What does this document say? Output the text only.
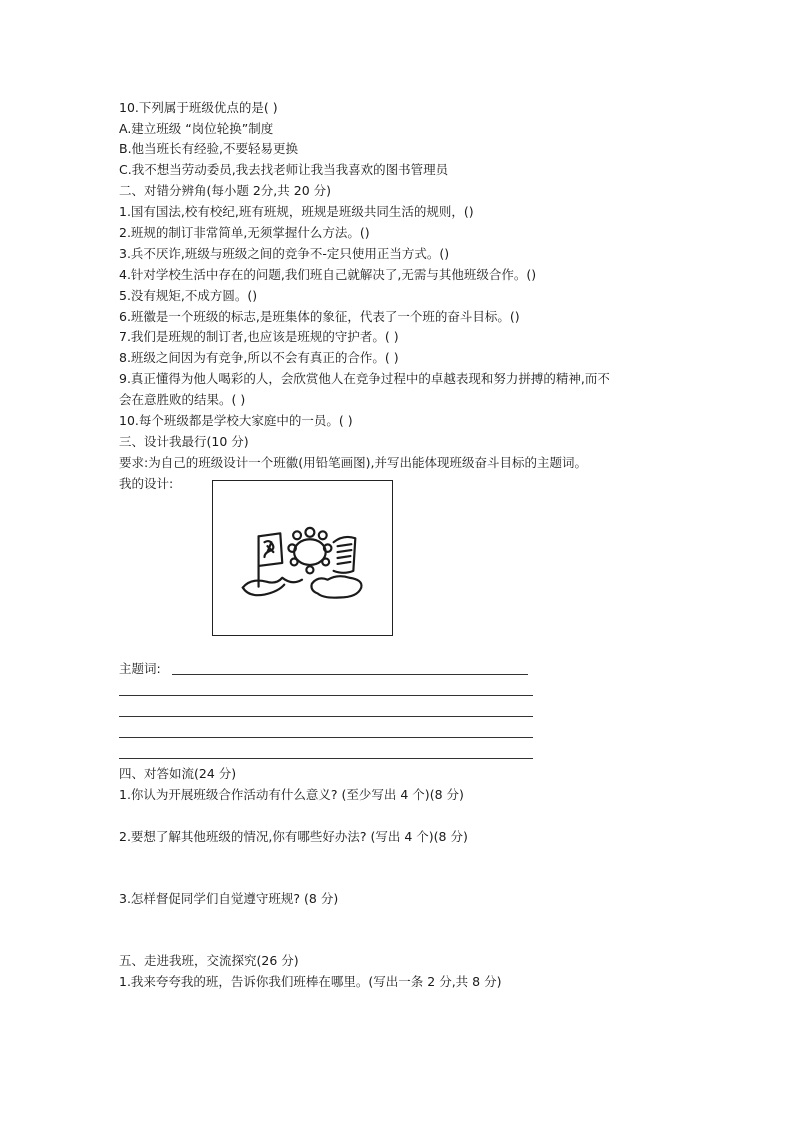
10.下列属于班级优点的是( )
A.建立班级 “岗位轮换”制度
B.他当班长有经验,不要轻易更换
C.我不想当劳动委员,我去找老师让我当我喜欢的图书管理员
二、对错分辨角(每小题 2分,共 20 分)
1.国有国法,校有校纪,班有班规，班规是班级共同生活的规则，()
2.班规的制订非常简单,无须掌握什么方法。()
3.兵不厌诈,班级与班级之间的竞争不-定只使用正当方式。()
4.针对学校生活中存在的问题,我们班自己就解决了,无需与其他班级合作。()
5.没有规矩,不成方圆。()
6.班徽是一个班级的标志,是班集体的象征，代表了一个班的奋斗目标。()
7.我们是班规的制订者,也应该是班规的守护者。( )
8.班级之间因为有竞争,所以不会有真正的合作。( )
9.真正懂得为他人喝彩的人，会欣赏他人在竞争过程中的卓越表现和努力拼搏的精神,而不
会在意胜败的结果。( )
10.每个班级都是学校大家庭中的一员。( )
三、设计我最行(10 分)
要求:为自己的班级设计一个班徽(用铅笔画图),并写出能体现班级奋斗目标的主题词。
我的设计:
主题词:
四、对答如流(24 分)
1.你认为开展班级合作活动有什么意义? (至少写出 4 个)(8 分)
2.要想了解其他班级的情况,你有哪些好办法? (写出 4 个)(8 分)
3.怎样督促同学们自觉遵守班规? (8 分)
五、走进我班，交流探究(26 分)
1.我来夸夸我的班，告诉你我们班棒在哪里。(写出一条 2 分,共 8 分)
